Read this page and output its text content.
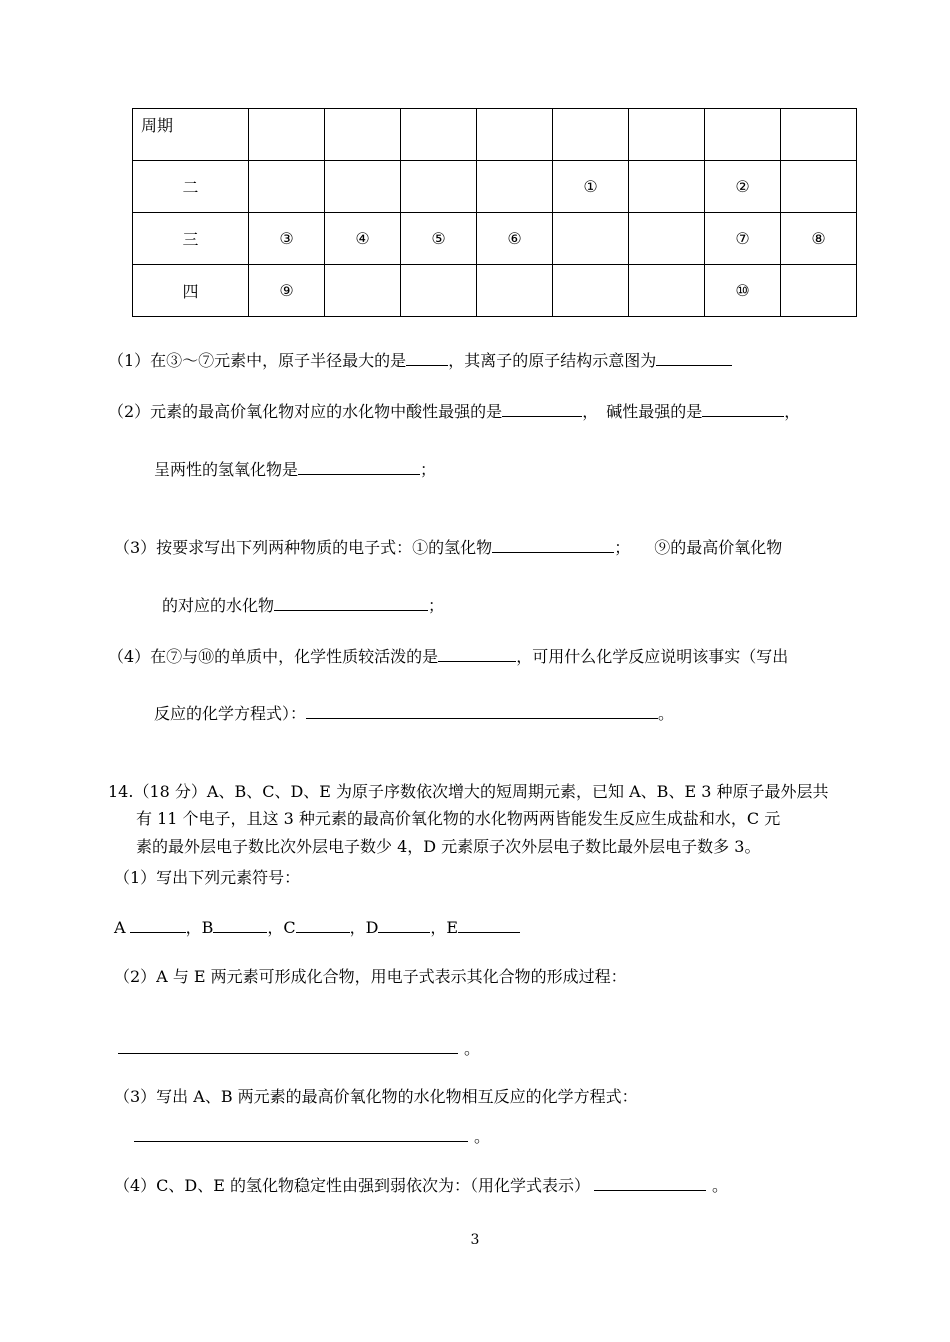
周期								
二					①		②	
三	③	④	⑤	⑥			⑦	⑧
四	⑨						⑩	
（1）在③～⑦元素中，原子半径最大的是	，其离子的原子结构示意图为
（2）元素的最高价氧化物对应的水化物中酸性最强的是	，　碱性最强的是	，
呈两性的氢氧化物是	；
（3）按要求写出下列两种物质的电子式：①的氢化物	；　　⑨的最高价氧化物
的对应的水化物	；
（4）在⑦与⑩的单质中，化学性质较活泼的是	，可用什么化学反应说明该事实（写出
反应的化学方程式）：	。
14.（18 分）A、B、C、D、E 为原子序数依次增大的短周期元素，已知 A、B、E 3 种原子最外层共
有 11 个电子，且这 3 种元素的最高价氧化物的水化物两两皆能发生反应生成盐和水，C 元
素的最外层电子数比次外层电子数少 4，D 元素原子次外层电子数比最外层电子数多 3。
（1）写出下列元素符号：
A	，B	，C	，D	，E
（2）A 与 E 两元素可形成化合物，用电子式表示其化合物的形成过程：
。
（3）写出 A、B 两元素的最高价氧化物的水化物相互反应的化学方程式：
。
（4）C、D、E 的氢化物稳定性由强到弱依次为：（用化学式表示）	。
3
